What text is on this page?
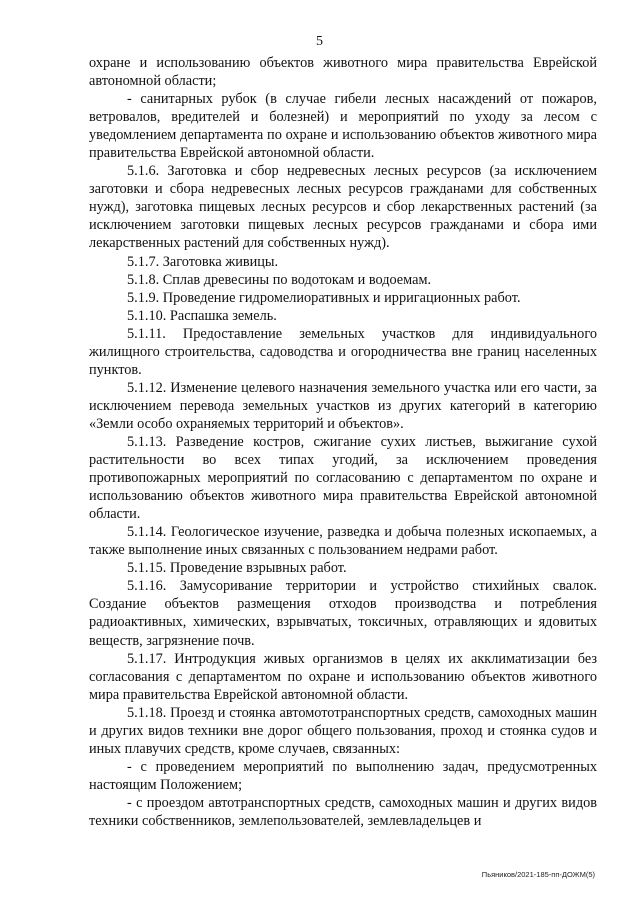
5

охране и использованию объектов животного мира правительства Еврейской автономной области;

- санитарных рубок (в случае гибели лесных насаждений от пожаров, ветровалов, вредителей и болезней) и мероприятий по уходу за лесом с уведомлением департамента по охране и использованию объектов животного мира правительства Еврейской автономной области.

5.1.6. Заготовка и сбор недревесных лесных ресурсов (за исключением заготовки и сбора недревесных лесных ресурсов гражданами для собственных нужд), заготовка пищевых лесных ресурсов и сбор лекарственных растений (за исключением заготовки пищевых лесных ресурсов гражданами и сбора ими лекарственных растений для собственных нужд).

5.1.7. Заготовка живицы.

5.1.8. Сплав древесины по водотокам и водоемам.

5.1.9. Проведение гидромелиоративных и ирригационных работ.

5.1.10. Распашка земель.

5.1.11. Предоставление земельных участков для индивидуального жилищного строительства, садоводства и огородничества вне границ населенных пунктов.

5.1.12. Изменение целевого назначения земельного участка или его части, за исключением перевода земельных участков из других категорий в категорию «Земли особо охраняемых территорий и объектов».

5.1.13. Разведение костров, сжигание сухих листьев, выжигание сухой растительности во всех типах угодий, за исключением проведения противопожарных мероприятий по согласованию с департаментом по охране и использованию объектов животного мира правительства Еврейской автономной области.

5.1.14. Геологическое изучение, разведка и добыча полезных ископаемых, а также выполнение иных связанных с пользованием недрами работ.

5.1.15. Проведение взрывных работ.

5.1.16. Замусоривание территории и устройство стихийных свалок. Создание объектов размещения отходов производства и потребления радиоактивных, химических, взрывчатых, токсичных, отравляющих и ядовитых веществ, загрязнение почв.

5.1.17. Интродукция живых организмов в целях их акклиматизации без согласования с департаментом по охране и использованию объектов животного мира правительства Еврейской автономной области.

5.1.18. Проезд и стоянка автомототранспортных средств, самоходных машин и других видов техники вне дорог общего пользования, проход и стоянка судов и иных плавучих средств, кроме случаев, связанных:

- с проведением мероприятий по выполнению задач, предусмотренных настоящим Положением;

- с проездом автотранспортных средств, самоходных машин и других видов техники собственников, землепользователей, землевладельцев и

Пьяников/2021-185-пп-ДОЖМ(5)
